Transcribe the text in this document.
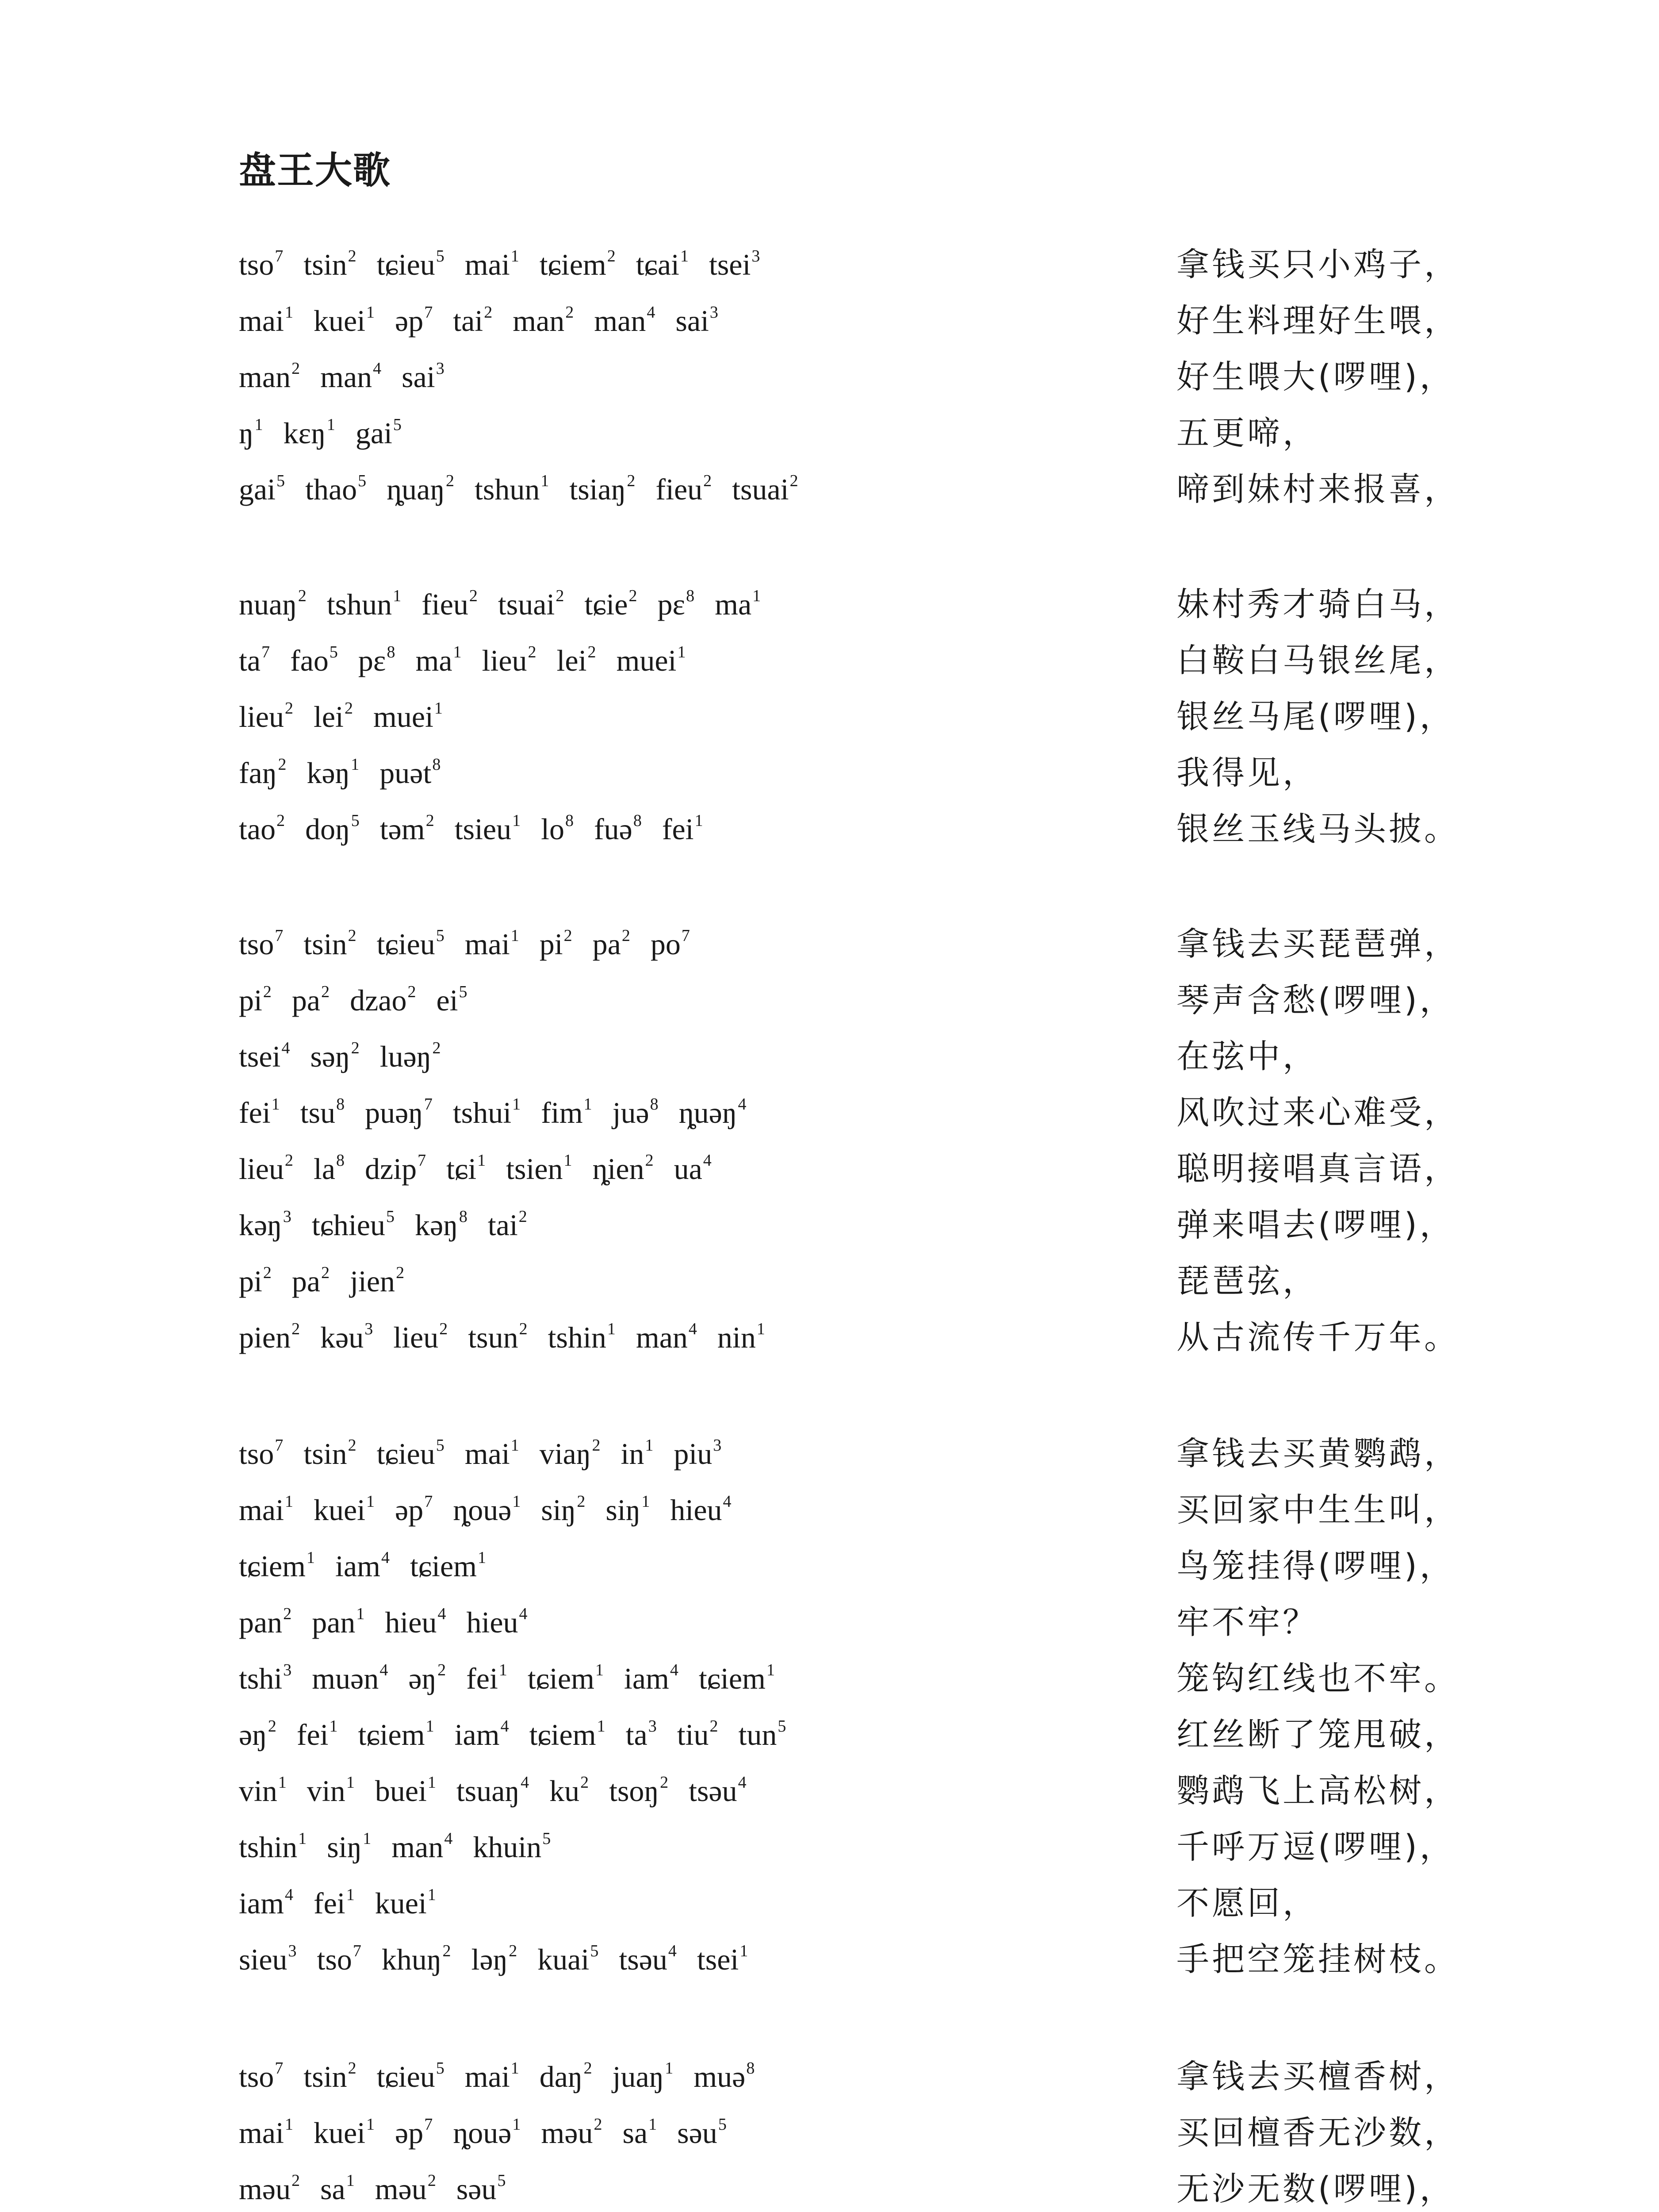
盘王大歌
tso$^7$ tsin$^2$ tɕieu$^5$ mai$^1$ tɕiem$^2$ tɕai$^1$ tsei$^3$	拿钱买只小鸡子，
mai$^1$ kuei$^1$ əp$^7$ tai$^2$ man$^2$ man$^4$ sai$^3$	好生料理好生喂，
man$^2$ man$^4$ sai$^3$	好生喂大(啰哩)，
$ŋ^1$ kɛŋ$^1$ gai$^5$	五更啼，
gai$^5$ thao$^5$ ȵuaŋ$^2$ tshun$^1$ tsiaŋ$^2$ fieu$^2$ tsuai$^2$	啼到妹村来报喜，
nuaŋ$^2$ tshun$^1$ fieu$^2$ tsuai$^2$ tɕie$^2$ pɛ$^8$ $ma^1$	妹村秀才骑白马，
$ta^7$ fao$^5$ pɛ$^8$ $ma^1$ lieu$^2$ lei$^2$ muei$^1$	白鞍白马银丝尾，
lieu$^2$ lei$^2$ muei$^1$	银丝马尾(啰哩)，
faŋ$^2$ kəŋ$^1$ puət$^8$	我得见，
tao$^2$ doŋ$^5$ təm$^2$ tsieu$^1$ $lo^8$ fuə$^8$ fei$^1$	银丝玉线马头披。
tso$^7$ tsin$^2$ tɕieu$^5$ mai$^1$ $pi^2$ $pa^2$ $po^7$	拿钱去买琵琶弹，
$pi^2$ $pa^2$ dzao$^2$ $ei^5$	琴声含愁(啰哩)，
tsei$^4$ səŋ$^2$ luəŋ$^2$	在弦中，
fei$^1$ tsu$^8$ puəŋ$^7$ tshui$^1$ fim$^1$ juə$^8$ ȵuəŋ$^4$	风吹过来心难受，
lieu$^2$ $la^8$ dzip$^7$ tɕi$^1$ tsien$^1$ ȵien$^2$ $ua^4$	聪明接唱真言语，
kəŋ$^3$ tɕhieu$^5$ kəŋ$^8$ tai$^2$	弹来唱去(啰哩)，
$pi^2$ $pa^2$ jien$^2$	琵琶弦，
pien$^2$ kəu$^3$ lieu$^2$ tsun$^2$ tshin$^1$ man$^4$ nin$^1$	从古流传千万年。
tso$^7$ tsin$^2$ tɕieu$^5$ mai$^1$ viaŋ$^2$ $in^1$ piu$^3$	拿钱去买黄鹦鹉，
mai$^1$ kuei$^1$ əp$^7$ ȵouə$^1$ siŋ$^2$ siŋ$^1$ hieu$^4$	买回家中生生叫，
tɕiem$^1$ iam$^4$ tɕiem$^1$	鸟笼挂得(啰哩)，
pan$^2$ pan$^1$ hieu$^4$ hieu$^4$	牢不牢？
tshi$^3$ muən$^4$ əŋ$^2$ fei$^1$ tɕiem$^1$ iam$^4$ tɕiem$^1$	笼钩红线也不牢。
əŋ$^2$ fei$^1$ tɕiem$^1$ iam$^4$ tɕiem$^1$ $ta^3$ tiu$^2$ tun$^5$	红丝断了笼甩破，
vin$^1$ vin$^1$ buei$^1$ tsuaŋ$^4$ $ku^2$ tsoŋ$^2$ tsəu$^4$	鹦鹉飞上高松树，
tshin$^1$ siŋ$^1$ man$^4$ khuin$^5$	千呼万逗(啰哩)，
iam$^4$ fei$^1$ kuei$^1$	不愿回，
sieu$^3$ tso$^7$ khuŋ$^2$ ləŋ$^2$ kuai$^5$ tsəu$^4$ tsei$^1$	手把空笼挂树枝。
tso$^7$ tsin$^2$ tɕieu$^5$ mai$^1$ daŋ$^2$ juaŋ$^1$ muə$^8$	拿钱去买檀香树，
mai$^1$ kuei$^1$ əp$^7$ ȵouə$^1$ məu$^2$ $sa^1$ səu$^5$	买回檀香无沙数，
məu$^2$ $sa^1$ məu$^2$ səu$^5$	无沙无数(啰哩)，
